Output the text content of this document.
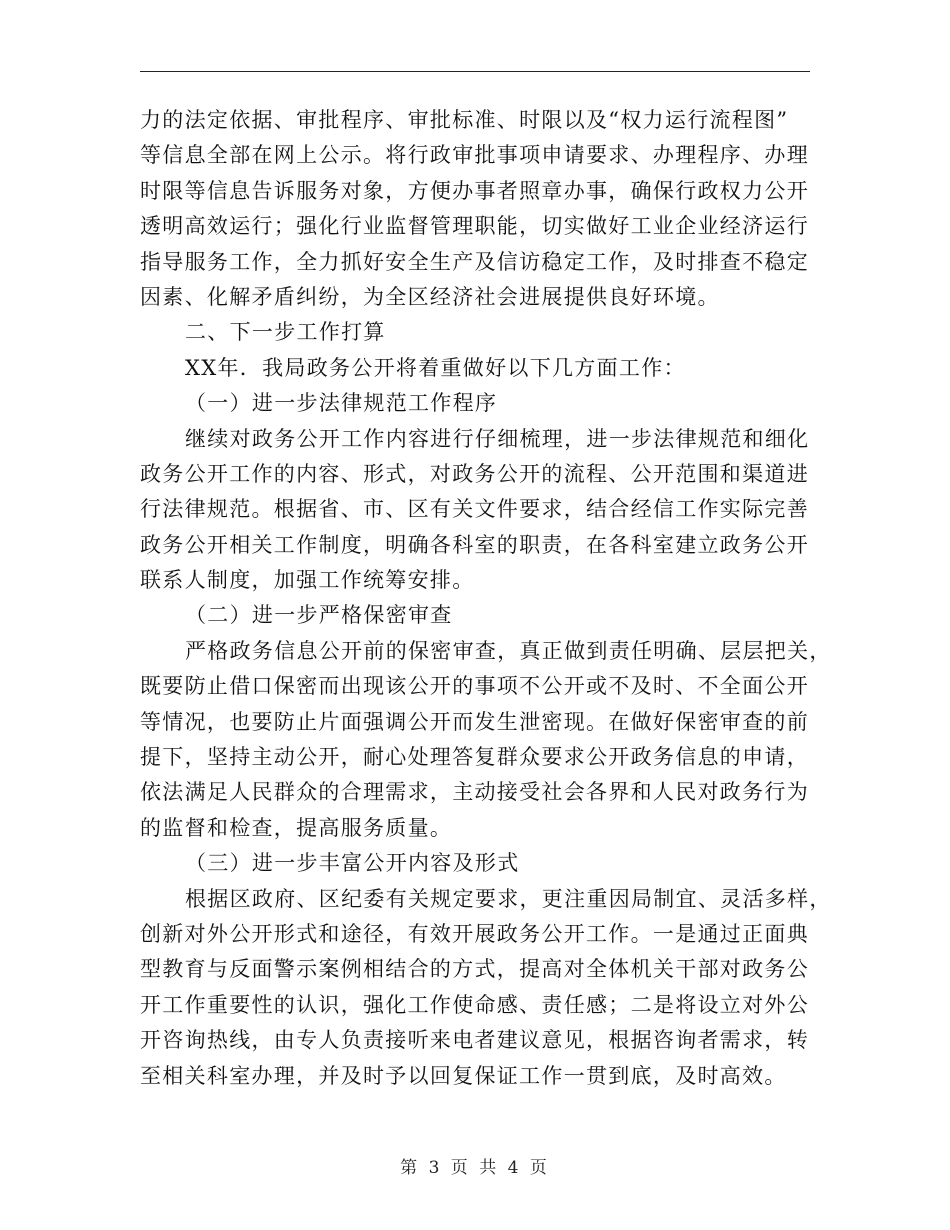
力的法定依据、审批程序、审批标准、时限以及“权力运行流程图”
等信息全部在网上公示。将行政审批事项申请要求、办理程序、办理
时限等信息告诉服务对象，方便办事者照章办事，确保行政权力公开
透明高效运行；强化行业监督管理职能，切实做好工业企业经济运行
指导服务工作，全力抓好安全生产及信访稳定工作，及时排查不稳定
因素、化解矛盾纠纷，为全区经济社会进展提供良好环境。
二、下一步工作打算
XX年．我局政务公开将着重做好以下几方面工作：
（一）进一步法律规范工作程序
继续对政务公开工作内容进行仔细梳理，进一步法律规范和细化
政务公开工作的内容、形式，对政务公开的流程、公开范围和渠道进
行法律规范。根据省、市、区有关文件要求，结合经信工作实际完善
政务公开相关工作制度，明确各科室的职责，在各科室建立政务公开
联系人制度，加强工作统筹安排。
（二）进一步严格保密审查
严格政务信息公开前的保密审查，真正做到责任明确、层层把关，
既要防止借口保密而出现该公开的事项不公开或不及时、不全面公开
等情况，也要防止片面强调公开而发生泄密现。在做好保密审查的前
提下，坚持主动公开，耐心处理答复群众要求公开政务信息的申请，
依法满足人民群众的合理需求，主动接受社会各界和人民对政务行为
的监督和检查，提高服务质量。
（三）进一步丰富公开内容及形式
根据区政府、区纪委有关规定要求，更注重因局制宜、灵活多样，
创新对外公开形式和途径，有效开展政务公开工作。一是通过正面典
型教育与反面警示案例相结合的方式，提高对全体机关干部对政务公
开工作重要性的认识，强化工作使命感、责任感；二是将设立对外公
开咨询热线，由专人负责接听来电者建议意见，根据咨询者需求，转
至相关科室办理，并及时予以回复保证工作一贯到底，及时高效。
第 3 页 共 4 页
